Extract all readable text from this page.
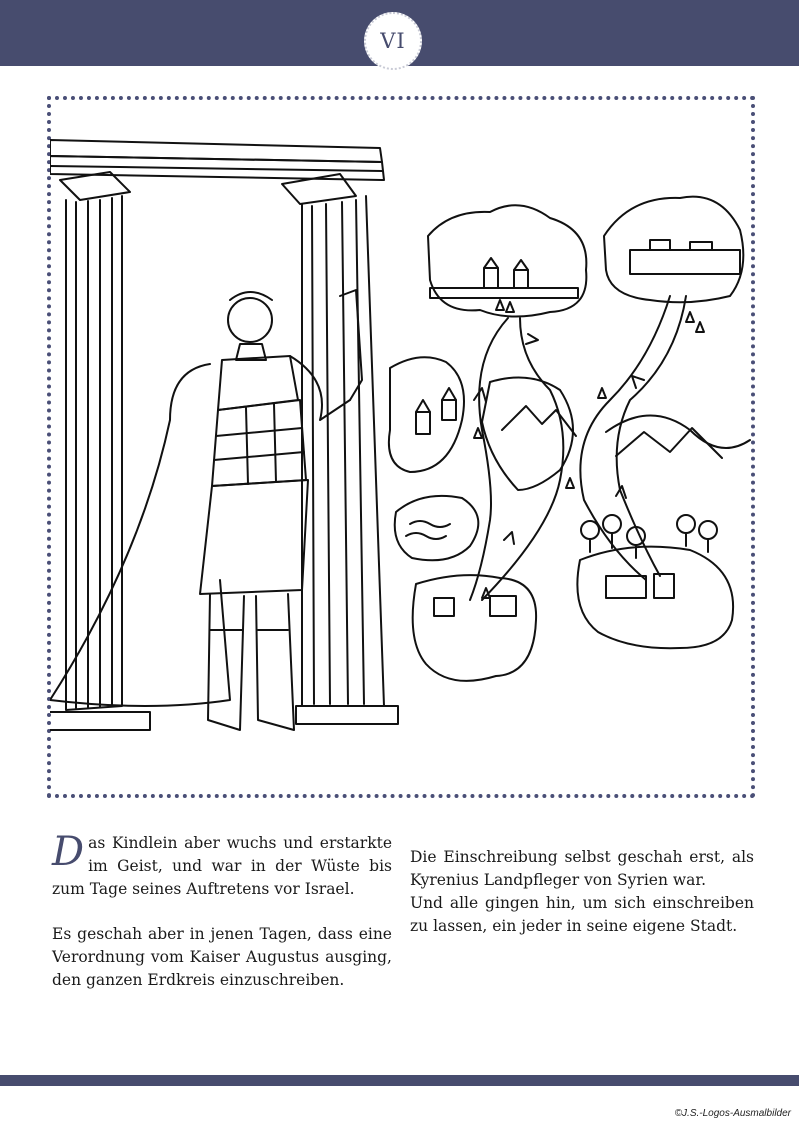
VI

Das Kindlein aber wuchs und erstarkte im Geist, und war in der Wüste bis zum Tage seines Auftretens vor Israel.

Es geschah aber in jenen Tagen, dass eine Verordnung vom Kaiser Augustus ausging, den ganzen Erdkreis einzuschreiben.

Die Einschreibung selbst geschah erst, als Kyrenius Landpfleger von Syrien war.

Und alle gingen hin, um sich einschreiben zu lassen, ein jeder in seine eigene Stadt.

©J.S.-Logos-Ausmalbilder
